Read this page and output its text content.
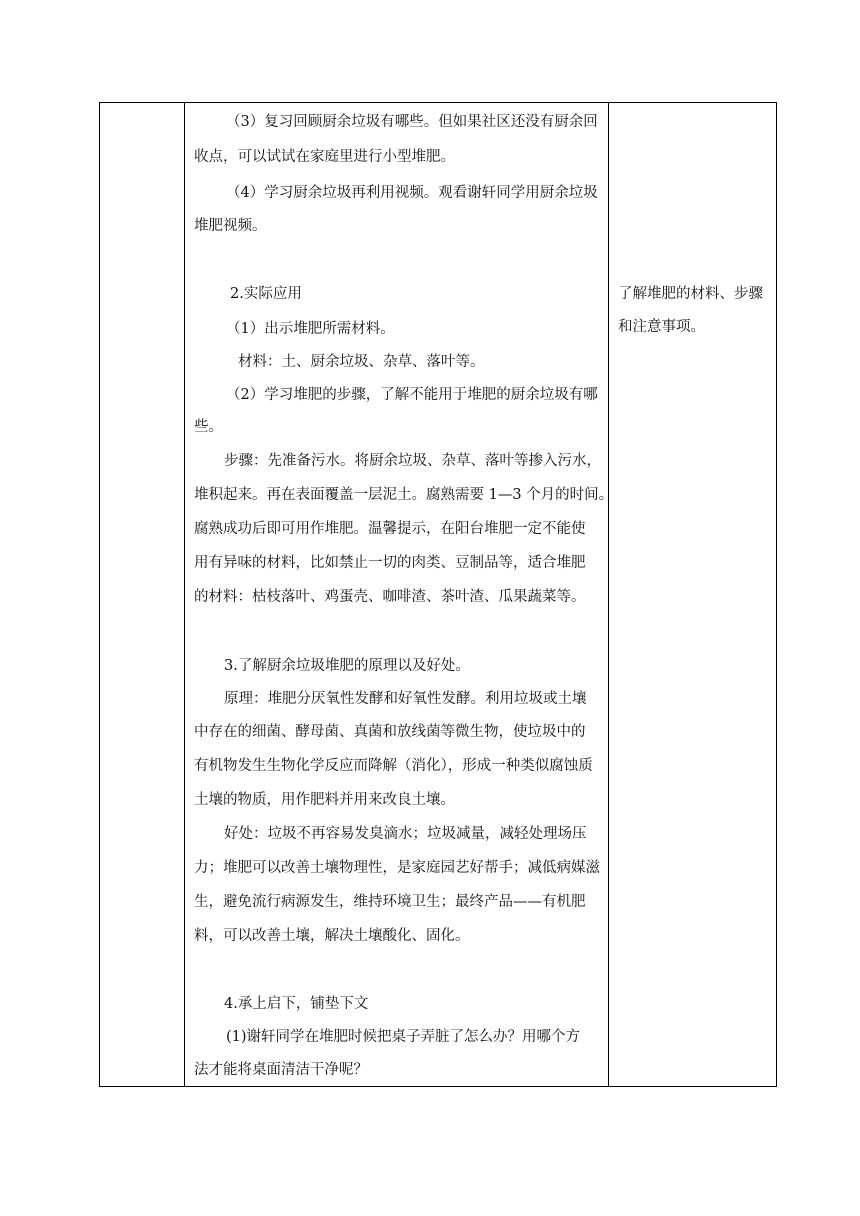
（3）复习回顾厨余垃圾有哪些。但如果社区还没有厨余回
收点，可以试试在家庭里进行小型堆肥。
（4）学习厨余垃圾再利用视频。观看谢轩同学用厨余垃圾
堆肥视频。
2.实际应用
（1）出示堆肥所需材料。
材料：土、厨余垃圾、杂草、落叶等。
（2）学习堆肥的步骤，了解不能用于堆肥的厨余垃圾有哪
些。
步骤：先准备污水。将厨余垃圾、杂草、落叶等掺入污水，
堆积起来。再在表面覆盖一层泥土。腐熟需要 1—3 个月的时间。
腐熟成功后即可用作堆肥。温馨提示，在阳台堆肥一定不能使
用有异味的材料，比如禁止一切的肉类、豆制品等，适合堆肥
的材料：枯枝落叶、鸡蛋壳、咖啡渣、茶叶渣、瓜果蔬菜等。
3.了解厨余垃圾堆肥的原理以及好处。
原理：堆肥分厌氧性发酵和好氧性发酵。利用垃圾或土壤
中存在的细菌、酵母菌、真菌和放线菌等微生物，使垃圾中的
有机物发生生物化学反应而降解（消化），形成一种类似腐蚀质
土壤的物质，用作肥料并用来改良土壤。
好处：垃圾不再容易发臭滴水；垃圾减量，减轻处理场压
力；堆肥可以改善土壤物理性，是家庭园艺好帮手；减低病媒滋
生，避免流行病源发生，维持环境卫生；最终产品——有机肥
料，可以改善土壤，解决土壤酸化、固化。
4.承上启下，铺垫下文
(1)谢轩同学在堆肥时候把桌子弄脏了怎么办？用哪个方
法才能将桌面清洁干净呢？

了解堆肥的材料、步骤
和注意事项。
